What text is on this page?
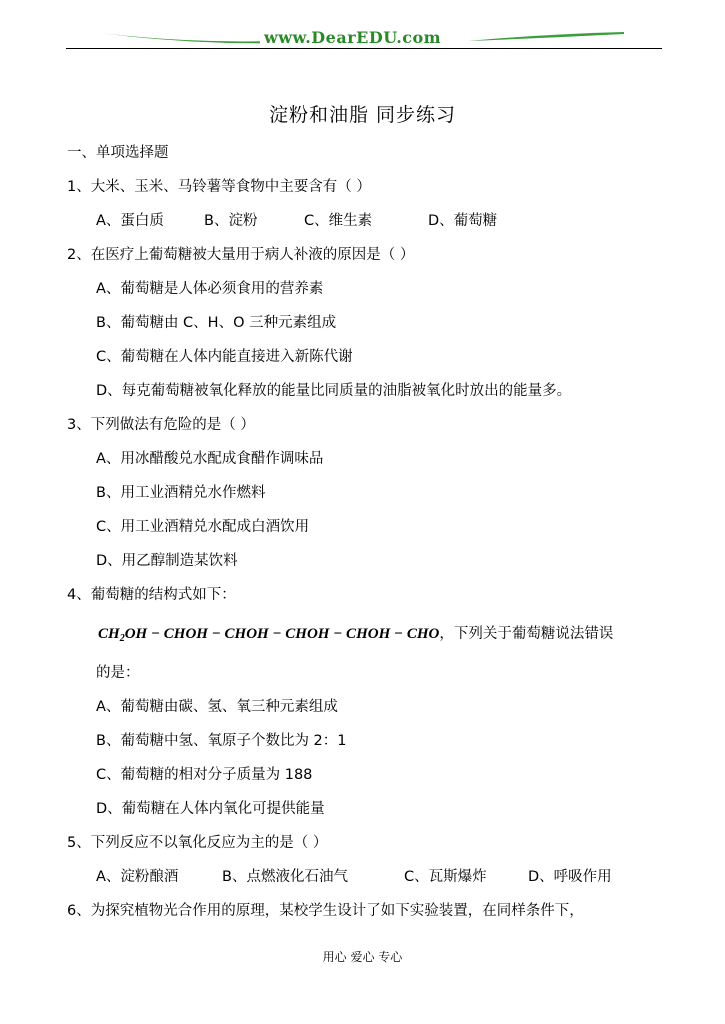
www.DearEDU.com
淀粉和油脂 同步练习
一、单项选择题
1、大米、玉米、马铃薯等食物中主要含有（ ）
A、蛋白质	B、淀粉	C、维生素	D、葡萄糖
2、在医疗上葡萄糖被大量用于病人补液的原因是（ ）
A、葡萄糖是人体必须食用的营养素
B、葡萄糖由 C、H、O 三种元素组成
C、葡萄糖在人体内能直接进入新陈代谢
D、每克葡萄糖被氧化释放的能量比同质量的油脂被氧化时放出的能量多。
3、下列做法有危险的是（ ）
A、用冰醋酸兑水配成食醋作调味品
B、用工业酒精兑水作燃料
C、用工业酒精兑水配成白酒饮用
D、用乙醇制造某饮料
4、葡萄糖的结构式如下：
$CH_2OH$ − CHOH − CHOH − CHOH − CHOH − CHO，下列关于葡萄糖说法错误
的是：
A、葡萄糖由碳、氢、氧三种元素组成
B、葡萄糖中氢、氧原子个数比为 2：1
C、葡萄糖的相对分子质量为 188
D、葡萄糖在人体内氧化可提供能量
5、下列反应不以氧化反应为主的是（ ）
A、淀粉酿酒	B、点燃液化石油气	C、瓦斯爆炸	D、呼吸作用
6、为探究植物光合作用的原理，某校学生设计了如下实验装置，在同样条件下，
用心 爱心 专心
